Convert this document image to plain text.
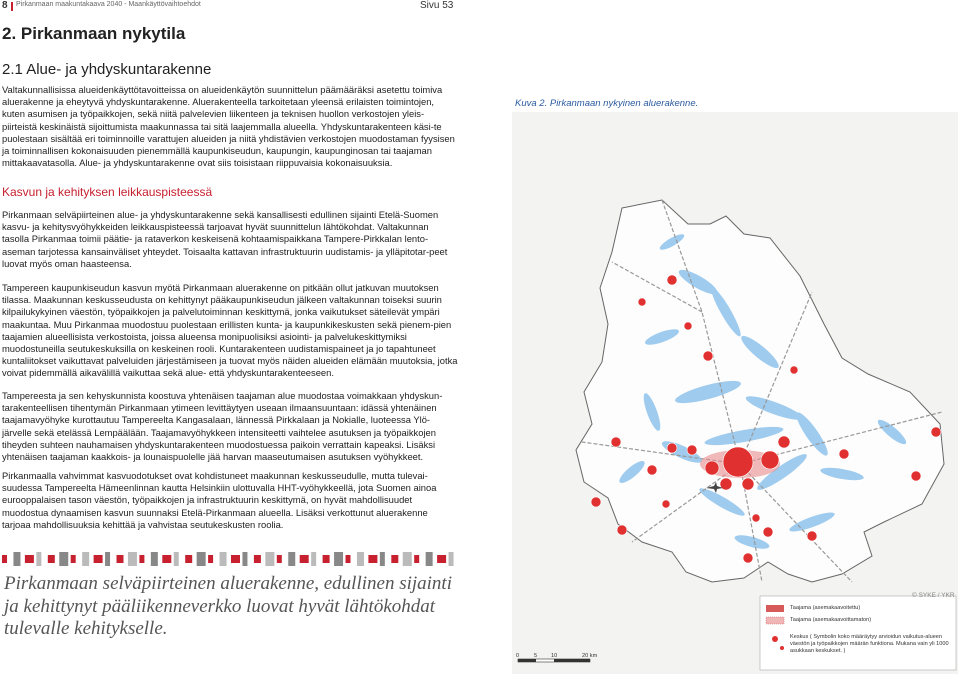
8 Pirkanmaan maakuntakaava 2040 - Maankäyttövaihtoehdot	Sivu 53
2. Pirkanmaan nykytila
2.1 Alue- ja yhdyskuntarakenne

Valtakunnallisissa alueidenkäyttötavoitteissa on alueidenkäytön suunnittelun päämääräksi asetettu toimiva aluerakenne ja eheytyvä yhdyskuntarakenne. Aluerakenteella tarkoitetaan yleensä erilaisten toimintojen, kuten asumisen ja työpaikkojen, sekä niitä palvelevien liikenteen ja teknisen huollon verkostojen yleis-piirteistä keskinäistä sijoittumista maakunnassa tai sitä laajemmalla alueella. Yhdyskuntarakenteen käsi-te puolestaan sisältää eri toiminnoille varattujen alueiden ja niitä yhdistävien verkostojen muodostaman fyysisen ja toiminnallisen kokonaisuuden pienemmällä kaupunkiseudun, kaupungin, kaupunginosan tai taajaman mittakaavatasolla. Alue- ja yhdyskuntarakenne ovat siis toisistaan riippuvaisia kokonaisuuksia.

Kasvun ja kehityksen leikkauspisteessä

Pirkanmaan selväpiirteinen alue- ja yhdyskuntarakenne sekä kansallisesti edullinen sijainti Etelä-Suomen kasvu- ja kehitysvyöhykkeiden leikkauspisteessä tarjoavat hyvät suunnittelun lähtökohdat. Valtakunnan tasolla Pirkanmaa toimii päätie- ja rataverkon keskeisenä kohtaamispaikkana Tampere-Pirkkalan lento-aseman tarjotessa kansainväliset yhteydet. Toisaalta kattavan infrastruktuurin uudistamis- ja ylläpitotar-peet luovat myös oman haasteensa.

Tampereen kaupunkiseudun kasvun myötä Pirkanmaan aluerakenne on pitkään ollut jatkuvan muutoksen tilassa. Maakunnan keskusseudusta on kehittynyt pääkaupunkiseudun jälkeen valtakunnan toiseksi suurin kilpailukykyinen väestön, työpaikkojen ja palvelutoiminnan keskittymä, jonka vaikutukset säteilevät ympäri maakuntaa. Muu Pirkanmaa muodostuu puolestaan erillisten kunta- ja kaupunkikeskusten sekä pienem-pien taajamien alueellisista verkostoista, joissa alueensa monipuolisiksi asiointi- ja palvelukeskittymiksi muodostuneilla seutukeskuksilla on keskeinen rooli. Kuntarakenteen uudistamispaineet ja jo tapahtuneet kuntaliitokset vaikuttavat palveluiden järjestämiseen ja tuovat myös näiden alueiden elämään muutoksia, jotka voivat pidemmällä aikavälillä vaikuttaa sekä alue- että yhdyskuntarakenteeseen.

Tampereesta ja sen kehyskunnista koostuva yhtenäisen taajaman alue muodostaa voimakkaan yhdyskun-tarakenteellisen tihentymän Pirkanmaan ytimeen levittäytyen useaan ilmaansuuntaan: idässä yhtenäinen taajamavyöhyke kurottautuu Tampereelta Kangasalaan, lännessä Pirkkalaan ja Nokialle, luoteessa Ylö-järvelle sekä etelässä Lempäälään. Taajamavyöhykkeen intensiteetti vaihtelee asutuksen ja työpaikkojen tiheyden suhteen nauhamaisen yhdyskuntarakenteen muodostuessa paikoin verrattain kapeaksi. Lisäksi yhtenäisen taajaman kaakkois- ja lounaispuolelle jää harvan maaseutumaisen asutuksen vyöhykkeet.

Pirkanmaalla vahvimmat kasvuodotukset ovat kohdistuneet maakunnan keskusseudulle, mutta tulevai-suudessa Tampereelta Hämeenlinnan kautta Helsinkiin ulottuvalla HHT-vyöhykkeellä, jota Suomen ainoa eurooppalaisen tason väestön, työpaikkojen ja infrastruktuurin keskittymä, on hyvät mahdollisuudet muodostua dynaamisen kasvun suunnaksi Etelä-Pirkanmaan alueella. Lisäksi verkottunut aluerakenne tarjoaa mahdollisuuksia kehittää ja vahvistaa seutukeskusten roolia.

Pirkanmaan selväpiirteinen aluerakenne, edullinen sijainti ja kehittynyt pääliikenneverkko luovat hyvät lähtökohdat tulevalle kehitykselle.

Kuva 2. Pirkanmaan nykyinen aluerakenne.
© SYKE / YKR
Taajama (asemakaavoitettu)
Taajama (asemakaavoittamaton)
Keskus ( Symbolin koko määräytyy arvioidun vaikutus-alueen väestön ja työpaikkojen määrän funktiona. Mukana vain yli 1000 asukkaan keskukset. )
0	5 10	20 km
